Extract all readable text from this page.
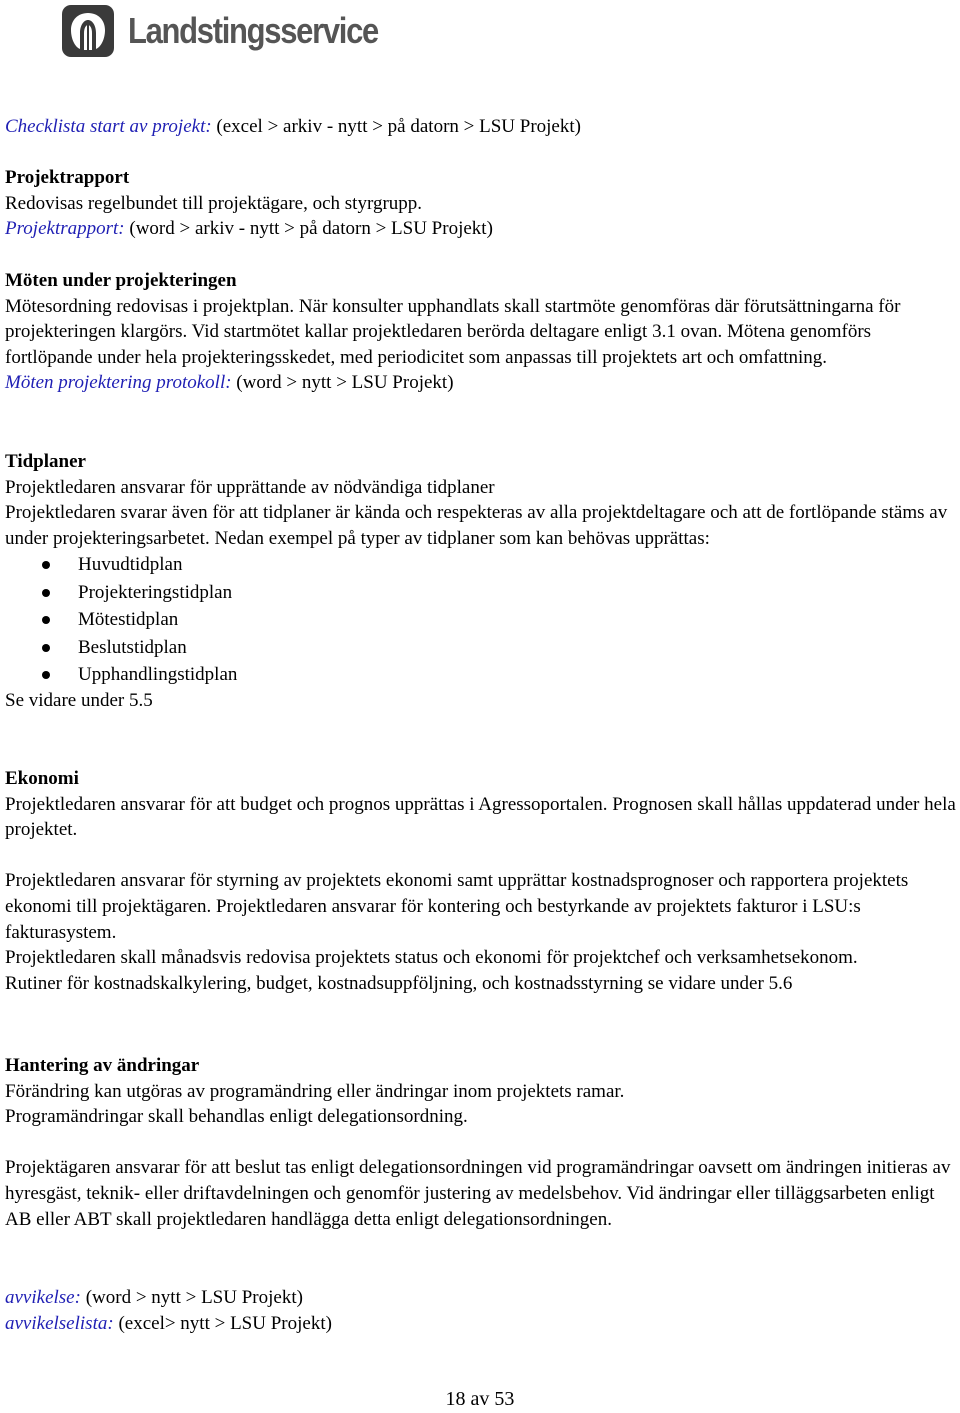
Landstingsservice

Checklista start av projekt: (excel > arkiv - nytt > på datorn > LSU Projekt)

Projektrapport

Redovisas regelbundet till projektägare, och styrgrupp.

Projektrapport: (word > arkiv - nytt > på datorn > LSU Projekt)

Möten under projekteringen

Mötesordning redovisas i projektplan. När konsulter upphandlats skall startmöte genomföras där förutsättningarna för projekteringen klargörs. Vid startmötet kallar projektledaren berörda deltagare enligt 3.1 ovan. Mötena genomförs fortlöpande under hela projekteringsskedet, med periodicitet som anpassas till projektets art och omfattning.

Möten projektering protokoll: (word > nytt > LSU Projekt)

Tidplaner

Projektledaren ansvarar för upprättande av nödvändiga tidplaner

Projektledaren svarar även för att tidplaner är kända och respekteras av alla projektdeltagare och att de fortlöpande stäms av under projekteringsarbetet. Nedan exempel på typer av tidplaner som kan behövas upprättas:

Huvudtidplan
Projekteringstidplan
Mötestidplan
Beslutstidplan
Upphandlingstidplan

Se vidare under 5.5

Ekonomi

Projektledaren ansvarar för att budget och prognos upprättas i Agressoportalen. Prognosen skall hållas uppdaterad under hela projektet.

Projektledaren ansvarar för styrning av projektets ekonomi samt upprättar kostnadsprognoser och rapportera projektets ekonomi till projektägaren. Projektledaren ansvarar för kontering och bestyrkande av projektets fakturor i LSU:s fakturasystem.

Projektledaren skall månadsvis redovisa projektets status och ekonomi för projektchef och verksamhetsekonom.

Rutiner för kostnadskalkylering, budget, kostnadsuppföljning, och kostnadsstyrning se vidare under 5.6

Hantering av ändringar

Förändring kan utgöras av programändring eller ändringar inom projektets ramar.

Programändringar skall behandlas enligt delegationsordning.

Projektägaren ansvarar för att beslut tas enligt delegationsordningen vid programändringar oavsett om ändringen initieras av hyresgäst, teknik- eller driftavdelningen och genomför justering av medelsbehov. Vid ändringar eller tilläggsarbeten enligt AB eller ABT skall projektledaren handlägga detta enligt delegationsordningen.

avvikelse: (word > nytt > LSU Projekt)

avvikelselista: (excel> nytt > LSU Projekt)

18 av 53
